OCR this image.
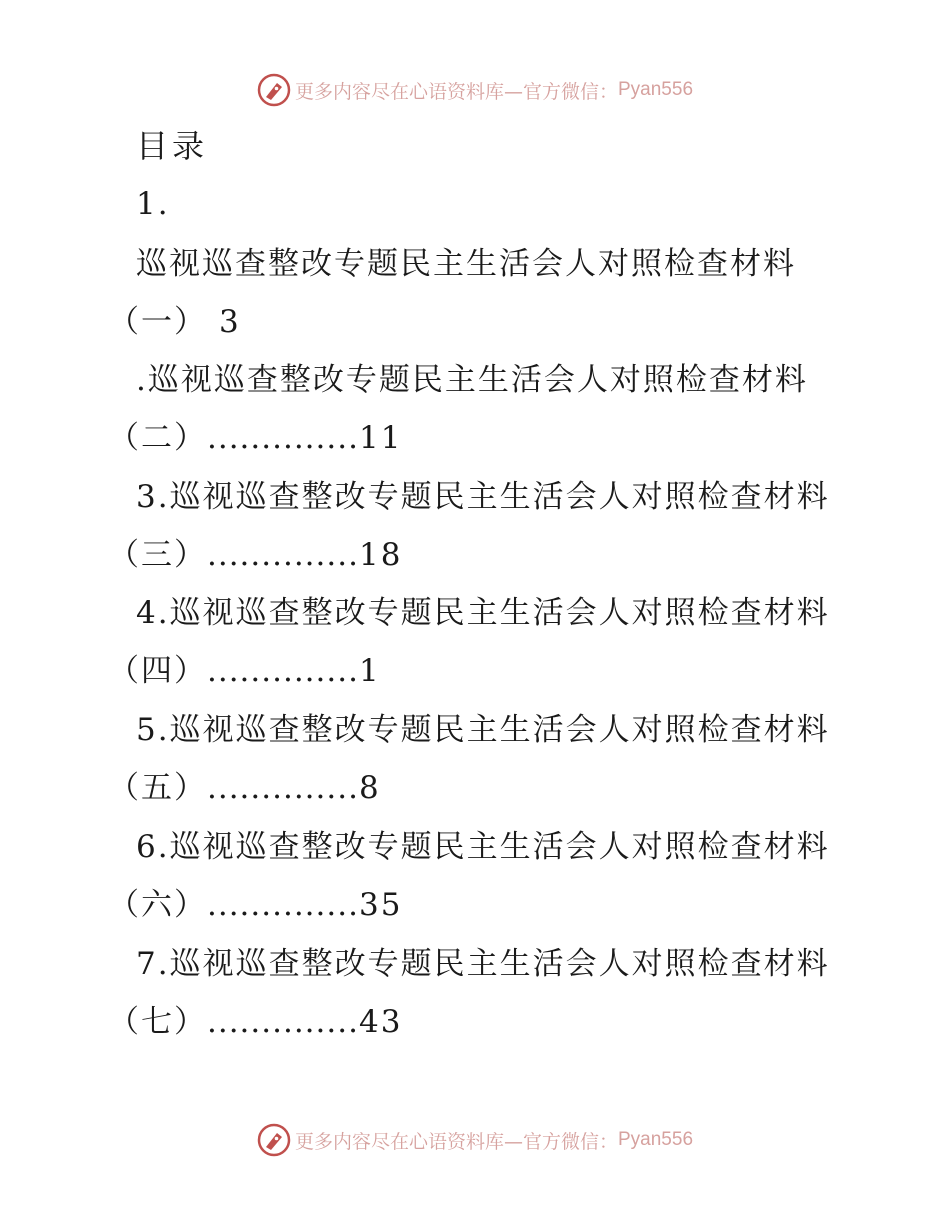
更多内容尽在心语资料库—官方微信： Pyan556
目录
1.
巡视巡查整改专题民主生活会人对照检查材料
（一） 3
.巡视巡查整改专题民主生活会人对照检查材料
（二）..............11
3.巡视巡查整改专题民主生活会人对照检查材料
（三）..............18
4.巡视巡查整改专题民主生活会人对照检查材料
（四）..............1
5.巡视巡查整改专题民主生活会人对照检查材料
（五）..............8
6.巡视巡查整改专题民主生活会人对照检查材料
（六）..............35
7.巡视巡查整改专题民主生活会人对照检查材料
（七）..............43
更多内容尽在心语资料库—官方微信： Pyan556
